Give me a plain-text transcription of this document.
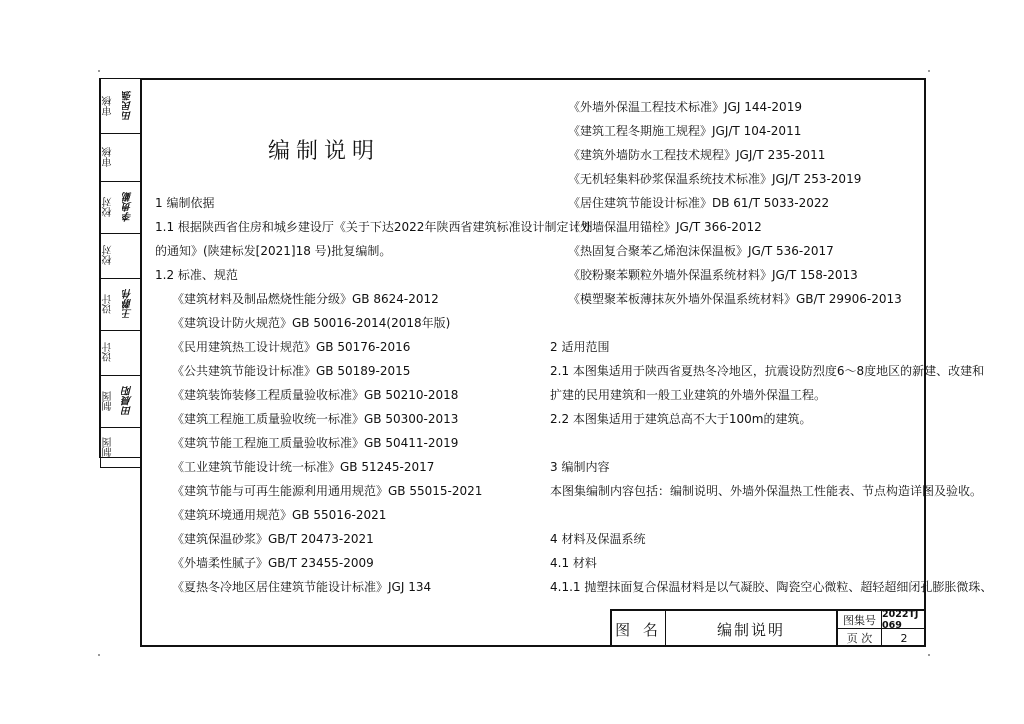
审核 田民强
审核
校对 李贵勤
校对
设计 王静伟
设计
制图 田晨阳
制图
编制说明
1 编制依据
1.1 根据陕西省住房和城乡建设厅《关于下达2022年陕西省建筑标准设计制定计划
的通知》(陕建标发[2021]18 号)批复编制。
1.2 标准、规范
《建筑材料及制品燃烧性能分级》GB 8624-2012
《建筑设计防火规范》GB 50016-2014(2018年版)
《民用建筑热工设计规范》GB 50176-2016
《公共建筑节能设计标准》GB 50189-2015
《建筑装饰装修工程质量验收标准》GB 50210-2018
《建筑工程施工质量验收统一标准》GB 50300-2013
《建筑节能工程施工质量验收标准》GB 50411-2019
《工业建筑节能设计统一标准》GB 51245-2017
《建筑节能与可再生能源利用通用规范》GB 55015-2021
《建筑环境通用规范》GB 55016-2021
《建筑保温砂浆》GB/T 20473-2021
《外墙柔性腻子》GB/T 23455-2009
《夏热冬冷地区居住建筑节能设计标准》JGJ 134
《外墙外保温工程技术标准》JGJ 144-2019
《建筑工程冬期施工规程》JGJ/T 104-2011
《建筑外墙防水工程技术规程》JGJ/T 235-2011
《无机轻集料砂浆保温系统技术标准》JGJ/T 253-2019
《居住建筑节能设计标准》DB 61/T 5033-2022
《外墙保温用锚栓》JG/T 366-2012
《热固复合聚苯乙烯泡沫保温板》JG/T 536-2017
《胶粉聚苯颗粒外墙外保温系统材料》JG/T 158-2013
《模塑聚苯板薄抹灰外墙外保温系统材料》GB/T 29906-2013
2 适用范围
2.1 本图集适用于陕西省夏热冬冷地区，抗震设防烈度6～8度地区的新建、改建和
扩建的民用建筑和一般工业建筑的外墙外保温工程。
2.2 本图集适用于建筑总高不大于100m的建筑。
3 编制内容
本图集编制内容包括：编制说明、外墙外保温热工性能表、节点构造详图及验收。
4 材料及保温系统
4.1 材料
4.1.1 抛塑抹面复合保温材料是以气凝胶、陶瓷空心微粒、超轻超细闭孔膨胀微珠、
图 名	编制说明
图集号 2022TJ 069
页 次	2
